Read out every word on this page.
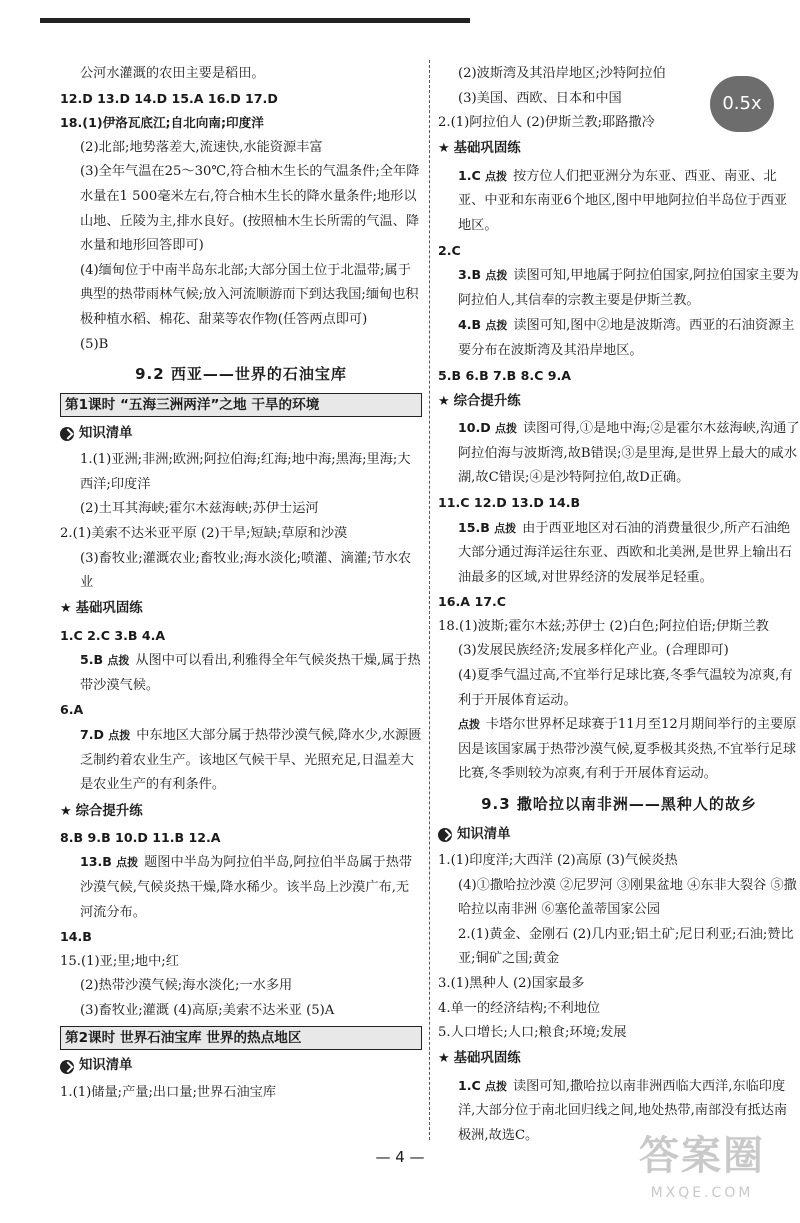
公河水灌溉的农田主要是稻田。
12.D 13.D 14.D 15.A 16.D 17.D
18.(1)伊洛瓦底江;自北向南;印度洋
(2)北部;地势落差大,流速快,水能资源丰富
(3)全年气温在25～30℃,符合柚木生长的气温条件;全年降水量在1 500毫米左右,符合柚木生长的降水量条件;地形以山地、丘陵为主,排水良好。(按照柚木生长所需的气温、降水量和地形回答即可)
(4)缅甸位于中南半岛东北部;大部分国土位于北温带;属于典型的热带雨林气候;放入河流顺游而下到达我国;缅甸也积极种植水稻、棉花、甜菜等农作物(任答两点即可)
(5)B
9.2 西亚——世界的石油宝库
第1课时 “五海三洲两洋”之地 干旱的环境
知识清单
1.(1)亚洲;非洲;欧洲;阿拉伯海;红海;地中海;黑海;里海;大西洋;印度洋
(2)土耳其海峡;霍尔木兹海峡;苏伊士运河
2.(1)美索不达米亚平原 (2)干旱;短缺;草原和沙漠
(3)畜牧业;灌溉农业;畜牧业;海水淡化;喷灌、滴灌;节水农业
★ 基础巩固练
1.C 2.C 3.B 4.A
5.B 点拨 从图中可以看出,利雅得全年气候炎热干燥,属于热带沙漠气候。
6.A
7.D 点拨 中东地区大部分属于热带沙漠气候,降水少,水源匮乏制约着农业生产。该地区气候干旱、光照充足,日温差大是农业生产的有利条件。
★ 综合提升练
8.B 9.B 10.D 11.B 12.A
13.B 点拨 题图中半岛为阿拉伯半岛,阿拉伯半岛属于热带沙漠气候,气候炎热干燥,降水稀少。该半岛上沙漠广布,无河流分布。
14.B
15.(1)亚;里;地中;红
(2)热带沙漠气候;海水淡化;一水多用
(3)畜牧业;灌溉 (4)高原;美索不达米亚 (5)A
第2课时 世界石油宝库 世界的热点地区
知识清单
1.(1)储量;产量;出口量;世界石油宝库
(2)波斯湾及其沿岸地区;沙特阿拉伯
(3)美国、西欧、日本和中国
2.(1)阿拉伯人 (2)伊斯兰教;耶路撒冷
★ 基础巩固练
1.C 点拨 按方位人们把亚洲分为东亚、西亚、南亚、北亚、中亚和东南亚6个地区,图中甲地阿拉伯半岛位于西亚地区。
2.C
3.B 点拨 读图可知,甲地属于阿拉伯国家,阿拉伯国家主要为阿拉伯人,其信奉的宗教主要是伊斯兰教。
4.B 点拨 读图可知,图中②地是波斯湾。西亚的石油资源主要分布在波斯湾及其沿岸地区。
5.B 6.B 7.B 8.C 9.A
★ 综合提升练
10.D 点拨 读图可得,①是地中海;②是霍尔木兹海峡,沟通了阿拉伯海与波斯湾,故B错误;③是里海,是世界上最大的咸水湖,故C错误;④是沙特阿拉伯,故D正确。
11.C 12.D 13.D 14.B
15.B 点拨 由于西亚地区对石油的消费量很少,所产石油绝大部分通过海洋运往东亚、西欧和北美洲,是世界上输出石油最多的区域,对世界经济的发展举足轻重。
16.A 17.C
18.(1)波斯;霍尔木兹;苏伊士 (2)白色;阿拉伯语;伊斯兰教
(3)发展民族经济;发展多样化产业。(合理即可)
(4)夏季气温过高,不宜举行足球比赛,冬季气温较为凉爽,有利于开展体育运动。
点拨 卡塔尔世界杯足球赛于11月至12月期间举行的主要原因是该国家属于热带沙漠气候,夏季极其炎热,不宜举行足球比赛,冬季则较为凉爽,有利于开展体育运动。
9.3 撒哈拉以南非洲——黑种人的故乡
知识清单
1.(1)印度洋;大西洋 (2)高原 (3)气候炎热
(4)①撒哈拉沙漠 ②尼罗河 ③刚果盆地 ④东非大裂谷 ⑤撒哈拉以南非洲 ⑥塞伦盖蒂国家公园
2.(1)黄金、金刚石 (2)几内亚;铝土矿;尼日利亚;石油;赞比亚;铜矿之国;黄金
3.(1)黑种人 (2)国家最多
4.单一的经济结构;不利地位
5.人口增长;人口;粮食;环境;发展
★ 基础巩固练
1.C 点拨 读图可知,撒哈拉以南非洲西临大西洋,东临印度洋,大部分位于南北回归线之间,地处热带,南部没有抵达南极洲,故选C。
0.5x
— 4 —	答案圈
MXQE.COM
